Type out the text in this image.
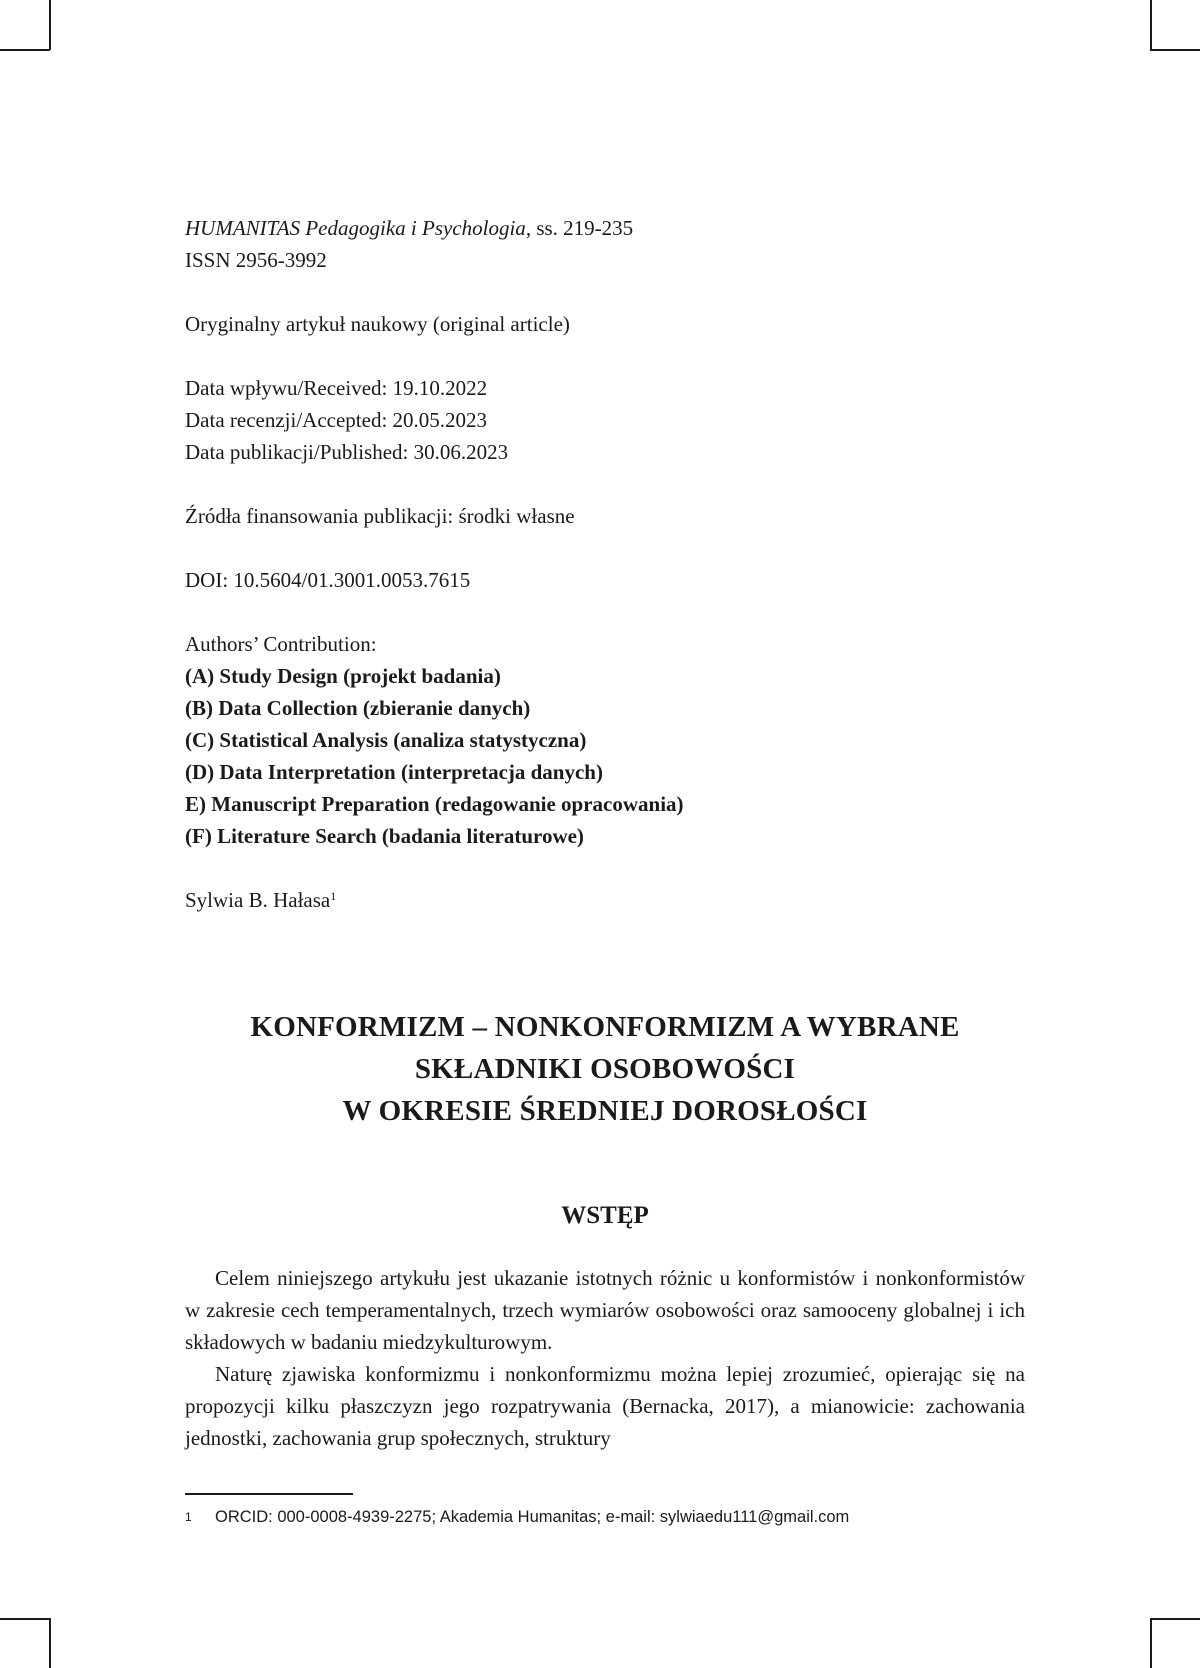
HUMANITAS Pedagogika i Psychologia, ss. 219-235
ISSN 2956-3992
Oryginalny artykuł naukowy (original article)
Data wpływu/Received: 19.10.2022
Data recenzji/Accepted: 20.05.2023
Data publikacji/Published: 30.06.2023
Źródła finansowania publikacji: środki własne
DOI: 10.5604/01.3001.0053.7615
Authors’ Contribution:
(A) Study Design (projekt badania)
(B) Data Collection (zbieranie danych)
(C) Statistical Analysis (analiza statystyczna)
(D) Data Interpretation (interpretacja danych)
E) Manuscript Preparation (redagowanie opracowania)
(F) Literature Search (badania literaturowe)
Sylwia B. Hałasa$^1$
KONFORMIZM – NONKONFORMIZM A WYBRANE
SKŁADNIKI OSOBOWOŚCI
W OKRESIE ŚREDNIEJ DOROSŁOŚCI
WSTĘP

Celem niniejszego artykułu jest ukazanie istotnych różnic u konformistów i nonkonformistów w zakresie cech temperamentalnych, trzech wymiarów osobowości oraz samooceny globalnej i ich składowych w badaniu miedzykulturowym.

Naturę zjawiska konformizmu i nonkonformizmu można lepiej zrozumieć, opierając się na propozycji kilku płaszczyzn jego rozpatrywania (Bernacka, 2017), a mianowicie: zachowania jednostki, zachowania grup społecznych, struktury

1 ORCID: 000-0008-4939-2275; Akademia Humanitas; e-mail: sylwiaedu111@gmail.com
